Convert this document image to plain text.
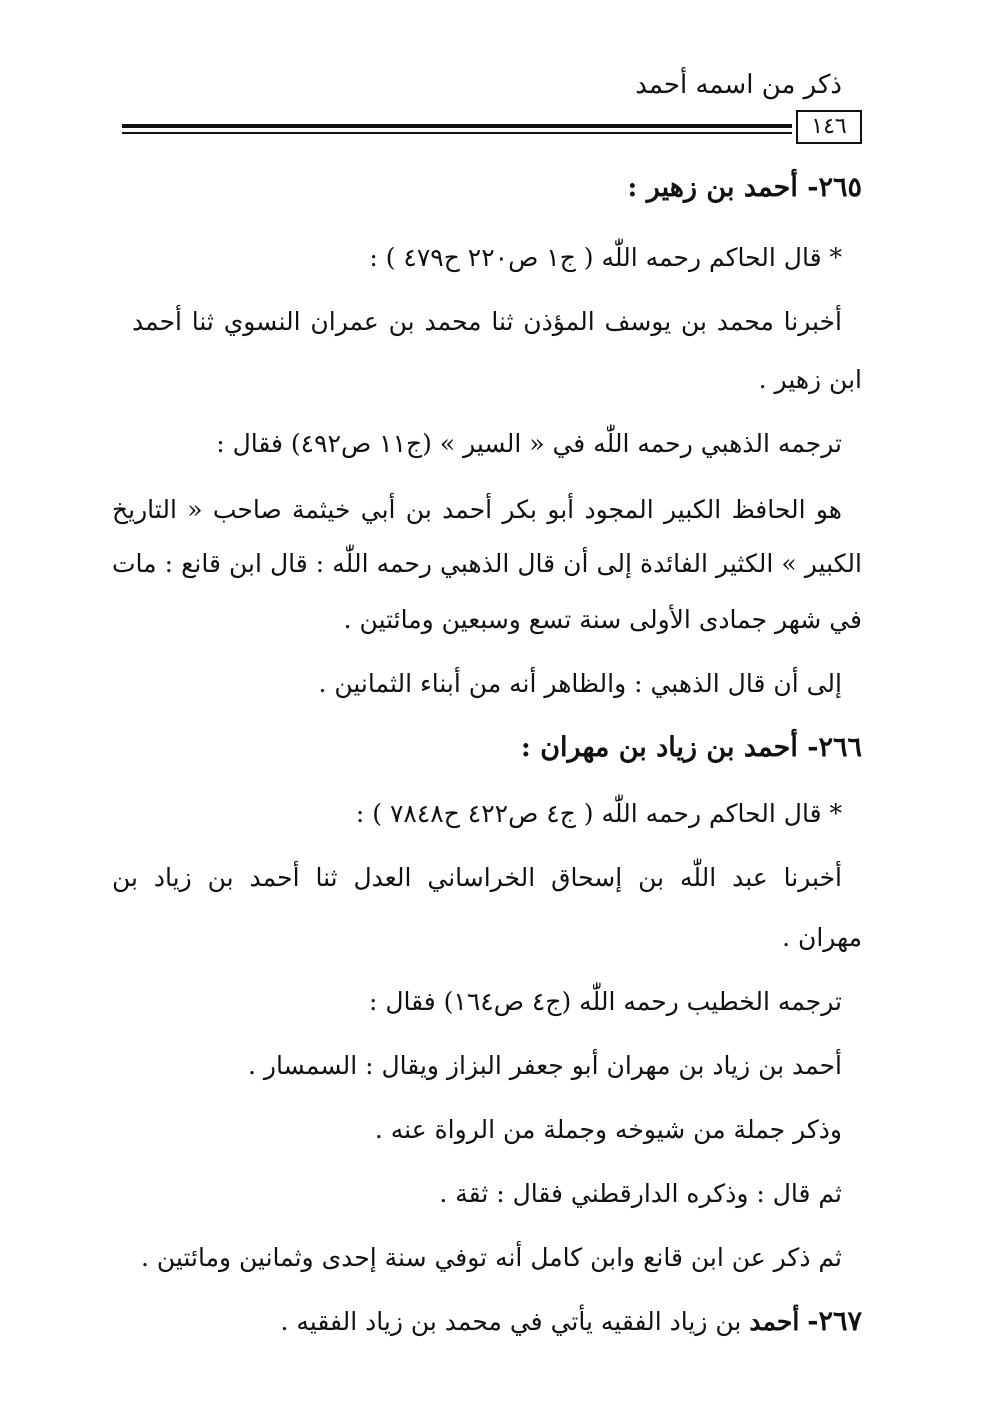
ذكر من اسمه أحمد
١٤٦
٢٦٥- أحمد بن زهير :
* قال الحاكم رحمه اللّٰه ( ج١ ص٢٢٠ ح٤٧٩ ) :
أخبرنا محمد بن يوسف المؤذن ثنا محمد بن عمران النسوي ثنا أحمد
ابن زهير .
ترجمه الذهبي رحمه اللّٰه في « السير » (ج١١ ص٤٩٢) فقال :
هو الحافظ الكبير المجود أبو بكر أحمد بن أبي خيثمة صاحب « التاريخ
الكبير » الكثير الفائدة إلى أن قال الذهبي رحمه اللّٰه : قال ابن قانع : مات
في شهر جمادى الأولى سنة تسع وسبعين ومائتين .
إلى أن قال الذهبي : والظاهر أنه من أبناء الثمانين .
٢٦٦- أحمد بن زياد بن مهران :
* قال الحاكم رحمه اللّٰه ( ج٤ ص٤٢٢ ح٧٨٤٨ ) :
أخبرنا عبد اللّٰه بن إسحاق الخراساني العدل ثنا أحمد بن زياد بن
مهران .
ترجمه الخطيب رحمه اللّٰه (ج٤ ص١٦٤) فقال :
أحمد بن زياد بن مهران أبو جعفر البزاز ويقال : السمسار .
وذكر جملة من شيوخه وجملة من الرواة عنه .
ثم قال : وذكره الدارقطني فقال : ثقة .
ثم ذكر عن ابن قانع وابن كامل أنه توفي سنة إحدى وثمانين ومائتين .
٢٦٧- أحمد بن زياد الفقيه يأتي في محمد بن زياد الفقيه .
